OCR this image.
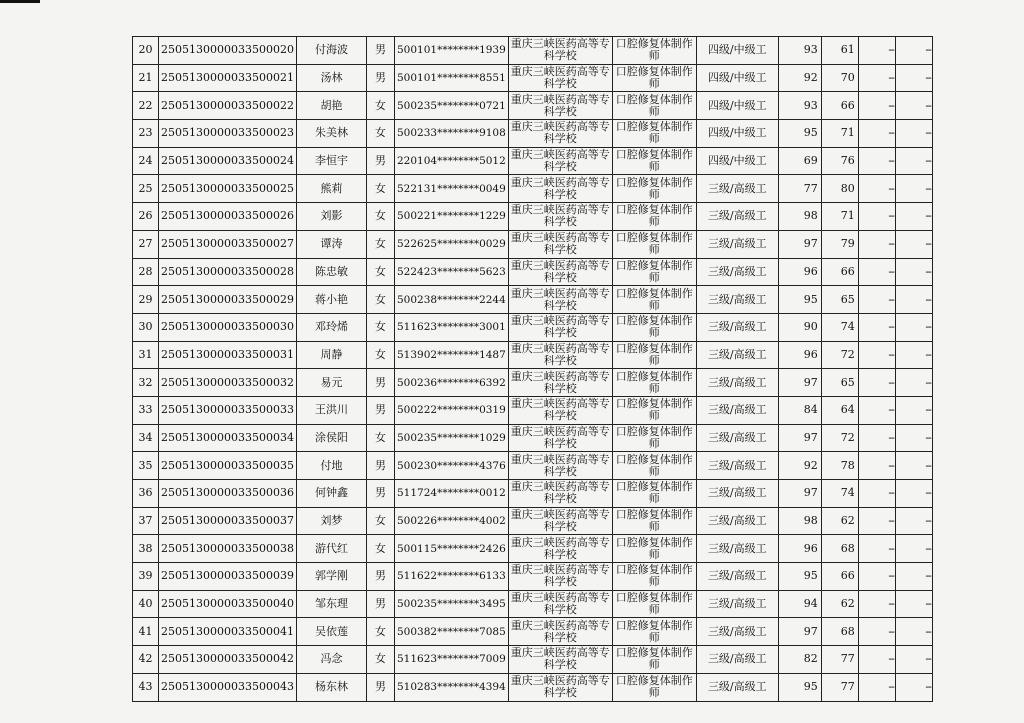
20	2505130000033500020	付海波	男	500101********1939	重庆三峡医药高等专科学校	口腔修复体制作师	四级/中级工	93	61	--	--
21	2505130000033500021	汤林	男	500101********8551	重庆三峡医药高等专科学校	口腔修复体制作师	四级/中级工	92	70	--	--
22	2505130000033500022	胡艳	女	500235********0721	重庆三峡医药高等专科学校	口腔修复体制作师	四级/中级工	93	66	--	--
23	2505130000033500023	朱美林	女	500233********9108	重庆三峡医药高等专科学校	口腔修复体制作师	四级/中级工	95	71	--	--
24	2505130000033500024	李恒宇	男	220104********5012	重庆三峡医药高等专科学校	口腔修复体制作师	四级/中级工	69	76	--	--
25	2505130000033500025	熊莉	女	522131********0049	重庆三峡医药高等专科学校	口腔修复体制作师	三级/高级工	77	80	--	--
26	2505130000033500026	刘影	女	500221********1229	重庆三峡医药高等专科学校	口腔修复体制作师	三级/高级工	98	71	--	--
27	2505130000033500027	谭涛	女	522625********0029	重庆三峡医药高等专科学校	口腔修复体制作师	三级/高级工	97	79	--	--
28	2505130000033500028	陈忠敏	女	522423********5623	重庆三峡医药高等专科学校	口腔修复体制作师	三级/高级工	96	66	--	--
29	2505130000033500029	蒋小艳	女	500238********2244	重庆三峡医药高等专科学校	口腔修复体制作师	三级/高级工	95	65	--	--
30	2505130000033500030	邓玲烯	女	511623********3001	重庆三峡医药高等专科学校	口腔修复体制作师	三级/高级工	90	74	--	--
31	2505130000033500031	周静	女	513902********1487	重庆三峡医药高等专科学校	口腔修复体制作师	三级/高级工	96	72	--	--
32	2505130000033500032	易元	男	500236********6392	重庆三峡医药高等专科学校	口腔修复体制作师	三级/高级工	97	65	--	--
33	2505130000033500033	王洪川	男	500222********0319	重庆三峡医药高等专科学校	口腔修复体制作师	三级/高级工	84	64	--	--
34	2505130000033500034	涂侯阳	女	500235********1029	重庆三峡医药高等专科学校	口腔修复体制作师	三级/高级工	97	72	--	--
35	2505130000033500035	付地	男	500230********4376	重庆三峡医药高等专科学校	口腔修复体制作师	三级/高级工	92	78	--	--
36	2505130000033500036	何钟鑫	男	511724********0012	重庆三峡医药高等专科学校	口腔修复体制作师	三级/高级工	97	74	--	--
37	2505130000033500037	刘梦	女	500226********4002	重庆三峡医药高等专科学校	口腔修复体制作师	三级/高级工	98	62	--	--
38	2505130000033500038	游代红	女	500115********2426	重庆三峡医药高等专科学校	口腔修复体制作师	三级/高级工	96	68	--	--
39	2505130000033500039	郭学刚	男	511622********6133	重庆三峡医药高等专科学校	口腔修复体制作师	三级/高级工	95	66	--	--
40	2505130000033500040	邹东理	男	500235********3495	重庆三峡医药高等专科学校	口腔修复体制作师	三级/高级工	94	62	--	--
41	2505130000033500041	吴依莲	女	500382********7085	重庆三峡医药高等专科学校	口腔修复体制作师	三级/高级工	97	68	--	--
42	2505130000033500042	冯念	女	511623********7009	重庆三峡医药高等专科学校	口腔修复体制作师	三级/高级工	82	77	--	--
43	2505130000033500043	杨东林	男	510283********4394	重庆三峡医药高等专科学校	口腔修复体制作师	三级/高级工	95	77	--	--
